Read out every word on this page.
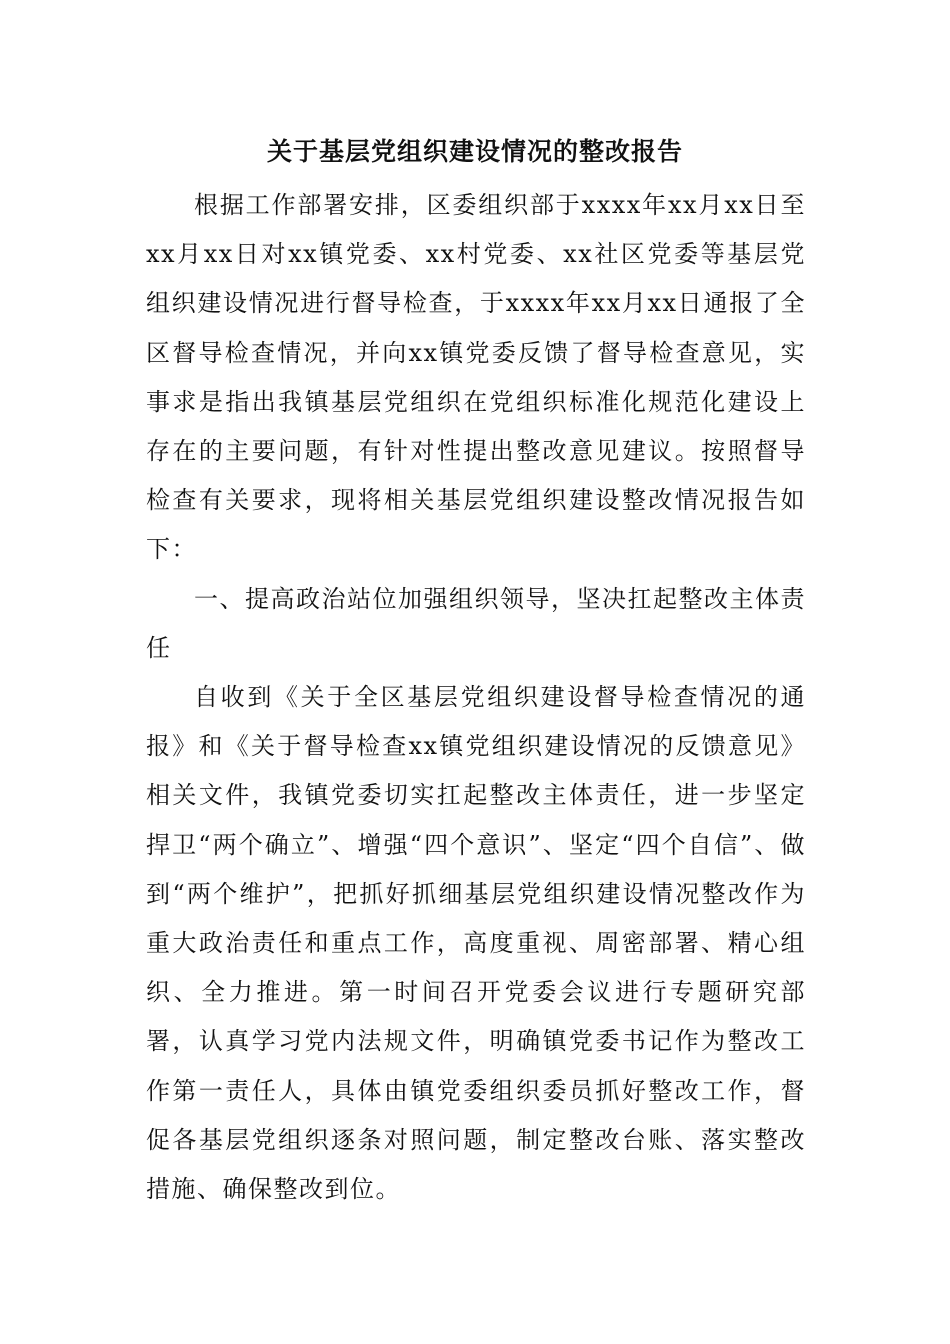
关于基层党组织建设情况的整改报告

根据工作部署安排，区委组织部于xxxx年xx月xx日至xx月xx日对xx镇党委、xx村党委、xx社区党委等基层党组织建设情况进行督导检查，于xxxx年xx月xx日通报了全区督导检查情况，并向xx镇党委反馈了督导检查意见，实事求是指出我镇基层党组织在党组织标准化规范化建设上存在的主要问题，有针对性提出整改意见建议。按照督导检查有关要求，现将相关基层党组织建设整改情况报告如下：

一、提高政治站位加强组织领导，坚决扛起整改主体责任

自收到《关于全区基层党组织建设督导检查情况的通报》和《关于督导检查xx镇党组织建设情况的反馈意见》相关文件，我镇党委切实扛起整改主体责任，进一步坚定捍卫“两个确立”、增强“四个意识”、坚定“四个自信”、做到“两个维护”，把抓好抓细基层党组织建设情况整改作为重大政治责任和重点工作，高度重视、周密部署、精心组织、全力推进。第一时间召开党委会议进行专题研究部署，认真学习党内法规文件，明确镇党委书记作为整改工作第一责任人，具体由镇党委组织委员抓好整改工作，督促各基层党组织逐条对照问题，制定整改台账、落实整改措施、确保整改到位。
